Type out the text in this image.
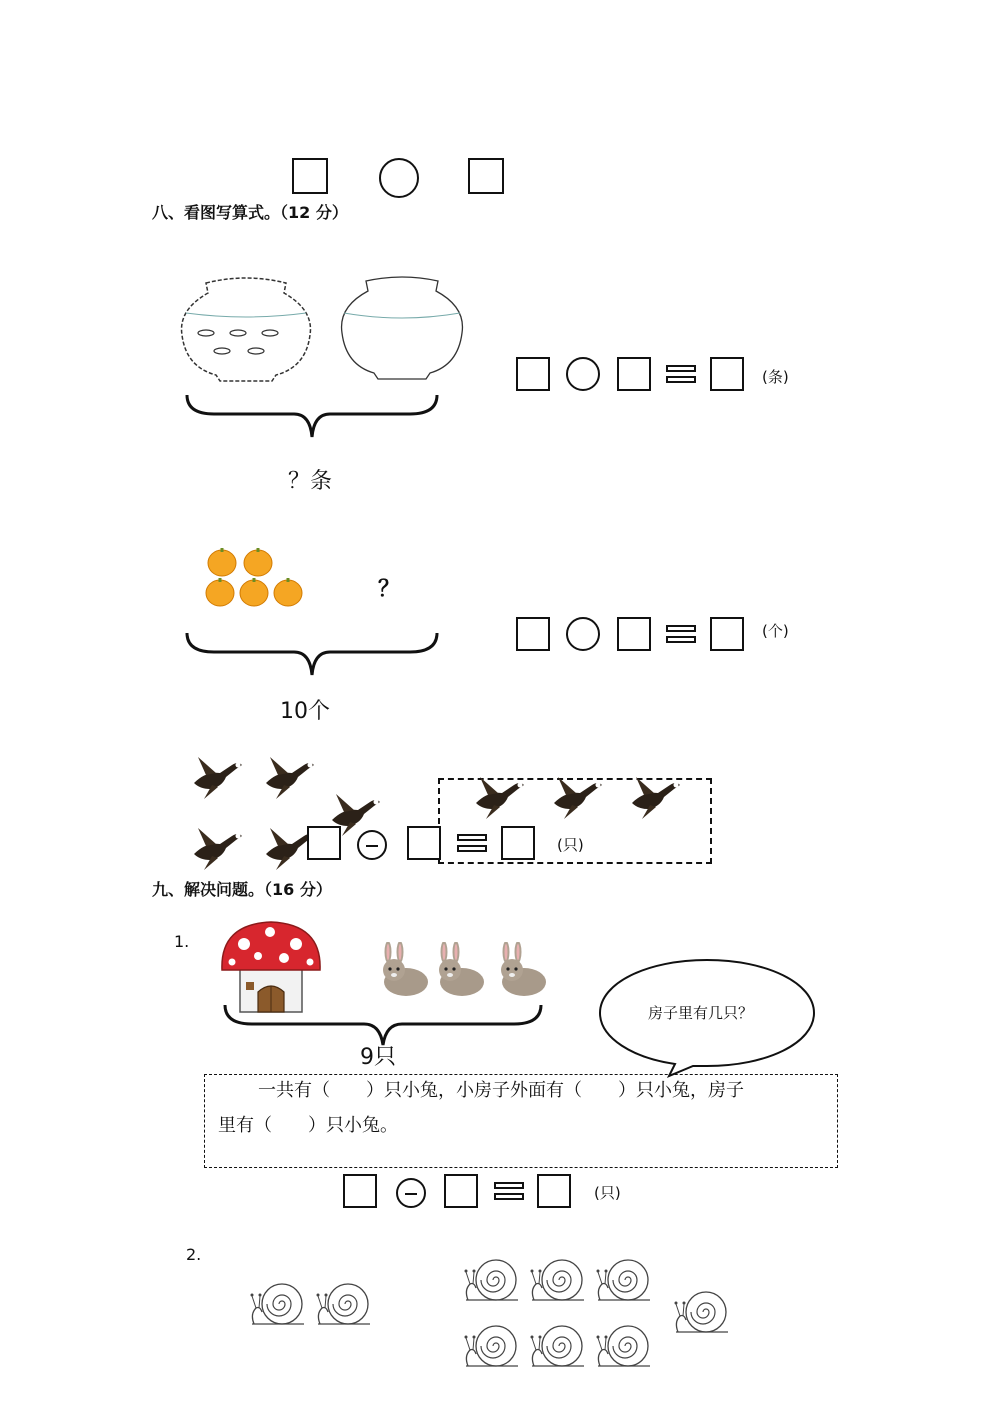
八、看图写算式。（12 分）
？条
(条)
？
10个
(个)
(只)
九、解决问题。（16 分）
1.
9只
房子里有几只？
一共有（　　）只小兔，小房子外面有（　　）只小兔，房子
里有（　　）只小兔。
(只)
2.
